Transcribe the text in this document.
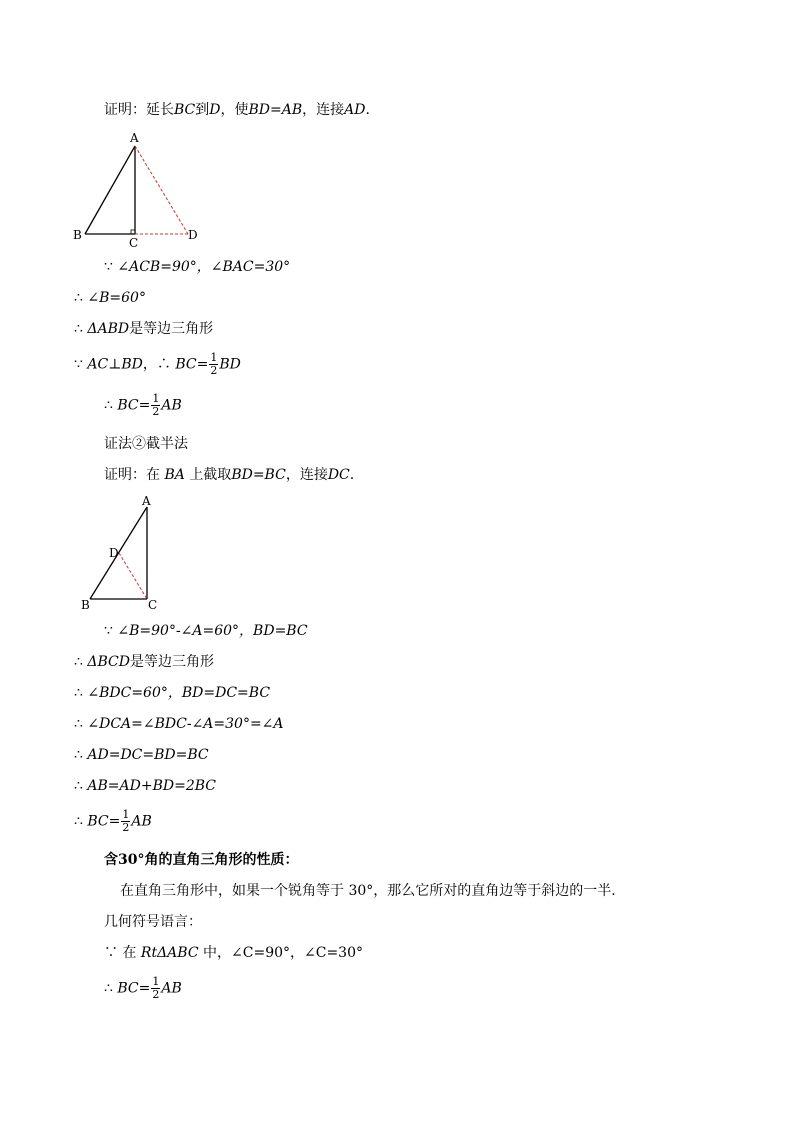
证明：延长BC到D，使BD=AB，连接AD.
A
B
C
D
∵ ∠ACB=90°，∠BAC=30°
∴ ∠B=60°
∴ ΔABD是等边三角形
∵ AC⊥BD，∴ $BC= \frac{1}{2}$ BD
∴ $BC= \frac{1}{2}$ AB
证法②截半法
证明：在 BA 上截取BD=BC，连接DC.
A
B	C
D
∵ ∠B=90°-∠A=60°，BD=BC
∴ ΔBCD是等边三角形
∴ ∠BDC=60°，BD=DC=BC
∴ ∠DCA=∠BDC-∠A=30°=∠A
∴ AD=DC=BD=BC
∴ AB=AD+BD=2BC
∴ $BC= \frac{1}{2}$ AB
含30°角的直角三角形的性质：
在直角三角形中，如果一个锐角等于 30°，那么它所对的直角边等于斜边的一半.
几何符号语言：
∵ 在 RtΔABC 中，∠C=90°，∠C=30°
∴ $BC= \frac{1}{2}$ AB
